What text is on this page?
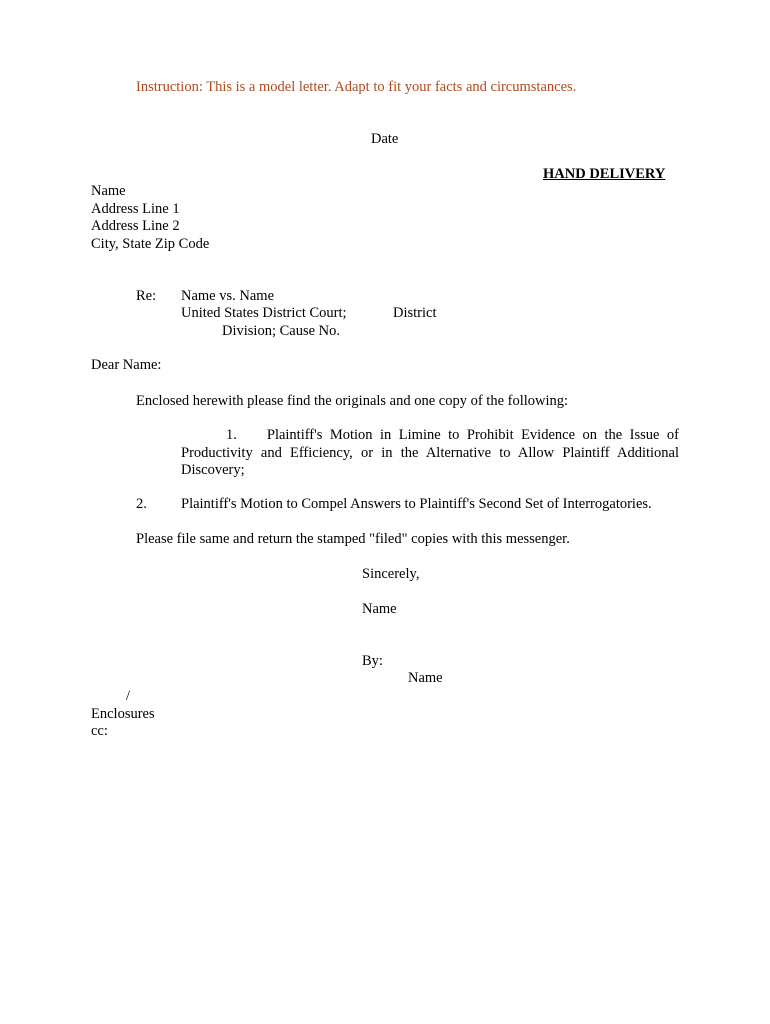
Instruction: This is a model letter. Adapt to fit your facts and circumstances.
Date
HAND DELIVERY
Name
Address Line 1
Address Line 2
City, State Zip Code
Re: Name vs. Name
United States District Court;	District
Division; Cause No.
Dear Name:
Enclosed herewith please find the originals and one copy of the following:
1. Plaintiff's Motion in Limine to Prohibit Evidence on the Issue of Productivity and Efficiency, or in the Alternative to Allow Plaintiff Additional Discovery;
2. Plaintiff's Motion to Compel Answers to Plaintiff's Second Set of Interrogatories.
Please file same and return the stamped "filed" copies with this messenger.
Sincerely,
Name
By:
Name
/
Enclosures
cc:
